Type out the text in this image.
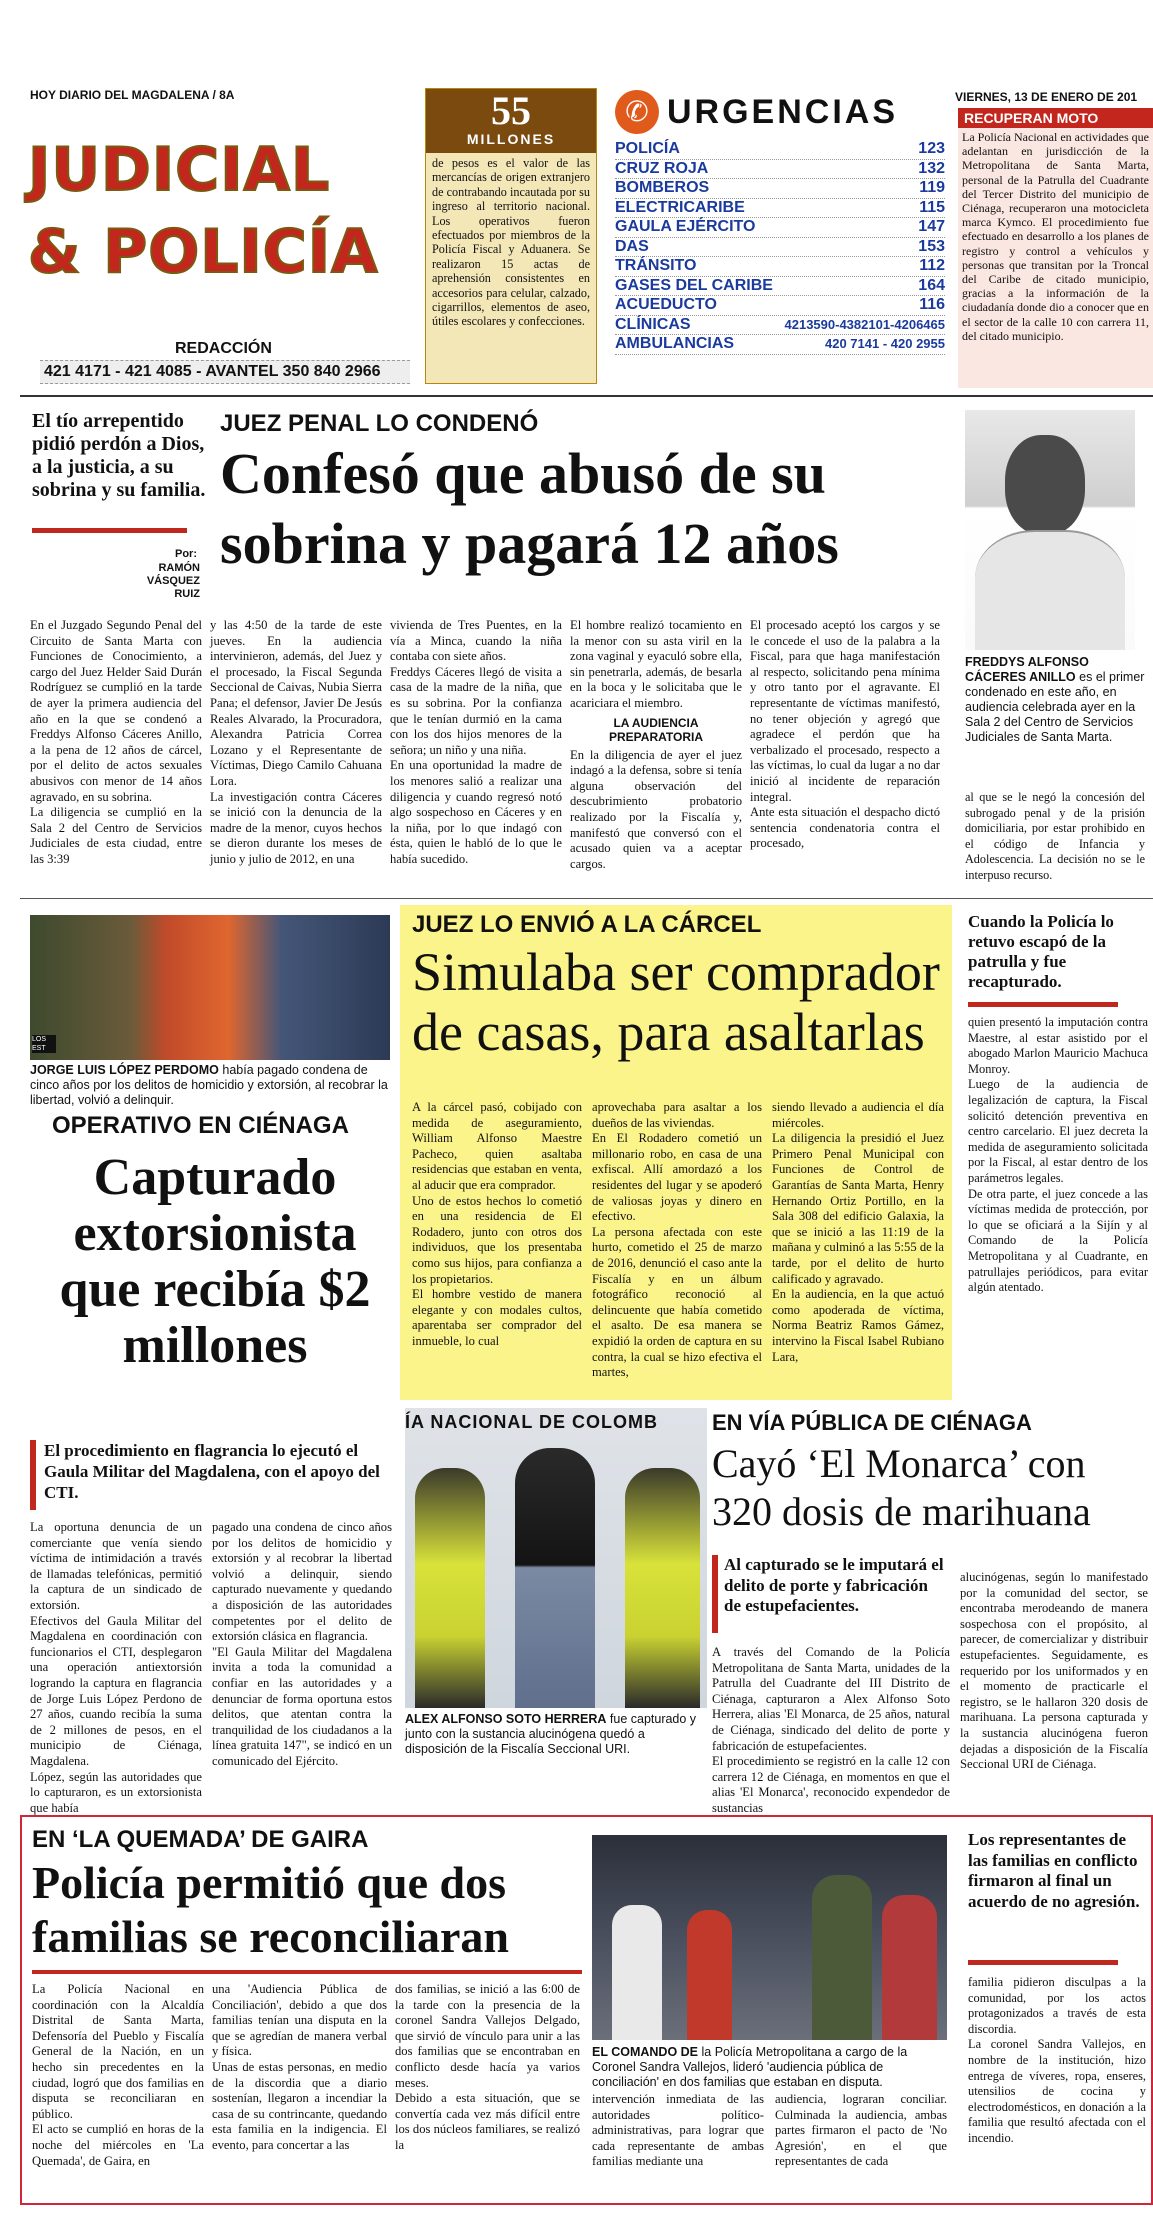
HOY DIARIO DEL MAGDALENA / 8A	VIERNES, 13 DE ENERO DE 201
JUDICIAL
& POLICÍA
REDACCIÓN
421 4171 - 421 4085 - AVANTEL 350 840 2966
55
MILLONES
de pesos es el valor de las mercancías de origen extranjero de contrabando incautada por su ingreso al territorio nacional. Los operativos fueron efectuados por miembros de la Policía Fiscal y Aduanera. Se realizaron 15 actas de aprehensión consistentes en accesorios para celular, calzado, cigarrillos, elementos de aseo, útiles escolares y confecciones.
✆ URGENCIAS
POLICÍA	123
CRUZ ROJA	132
BOMBEROS	119
ELECTRICARIBE	115
GAULA EJÉRCITO	147
DAS	153
TRÁNSITO	112
GASES DEL CARIBE	164
ACUEDUCTO	116
CLÍNICAS	4213590-4382101-4206465
AMBULANCIAS	420 7141 - 420 2955
RECUPERAN MOTO
La Policía Nacional en actividades que adelantan en jurisdicción de la Metropolitana de Santa Marta, personal de la Patrulla del Cuadrante del Tercer Distrito del municipio de Ciénaga, recuperaron una motocicleta marca Kymco. El procedimiento fue efectuado en desarrollo a los planes de registro y control a vehículos y personas que transitan por la Troncal del Caribe de citado municipio, gracias a la información de la ciudadanía donde dio a conocer que en el sector de la calle 10 con carrera 11, del citado municipio.
El tío arrepentido pidió perdón a Dios, a la justicia, a su sobrina y su familia.
Por:
RAMÓN VÁSQUEZ RUIZ
JUEZ PENAL LO CONDENÓ
Confesó que abusó de su
sobrina y pagará 12 años
En el Juzgado Segundo Penal del Circuito de Santa Marta con Funciones de Conocimiento, a cargo del Juez Helder Said Durán Rodríguez se cumplió en la tarde de ayer la primera audiencia del año en la que se condenó a Freddys Alfonso Cáceres Anillo, a la pena de 12 años de cárcel, por el delito de actos sexuales abusivos con menor de 14 años agravado, en su sobrina.
La diligencia se cumplió en la Sala 2 del Centro de Servicios Judiciales de esta ciudad, entre las 3:39
y las 4:50 de la tarde de este jueves. En la audiencia intervinieron, además, del Juez y el procesado, la Fiscal Segunda Seccional de Caivas, Nubia Sierra Pana; el defensor, Javier De Jesús Reales Alvarado, la Procuradora, Alexandra Patricia Correa Lozano y el Representante de Víctimas, Diego Camilo Cahuana Lora.
La investigación contra Cáceres se inició con la denuncia de la madre de la menor, cuyos hechos se dieron durante los meses de junio y julio de 2012, en una
vivienda de Tres Puentes, en la vía a Minca, cuando la niña contaba con siete años.
Freddys Cáceres llegó de visita a casa de la madre de la niña, que es su sobrina. Por la confianza que le tenían durmió en la cama con los dos hijos menores de la señora; un niño y una niña.
En una oportunidad la madre de los menores salió a realizar una diligencia y cuando regresó notó algo sospechoso en Cáceres y en la niña, por lo que indagó con ésta, quien le habló de lo que le había sucedido.
El hombre realizó tocamiento en la menor con su asta viril en la zona vaginal y eyaculó sobre ella, sin penetrarla, además, de besarla en la boca y le solicitaba que le acariciara el miembro.
LA AUDIENCIA PREPARATORIA
En la diligencia de ayer el juez indagó a la defensa, sobre si tenía alguna observación del descubrimiento probatorio realizado por la Fiscalía y, manifestó que conversó con el acusado quien va a aceptar cargos.
El procesado aceptó los cargos y se le concede el uso de la palabra a la Fiscal, para que haga manifestación al respecto, solicitando pena mínima y otro tanto por el agravante. El representante de víctimas manifestó, no tener objeción y agregó que agradece el perdón que ha verbalizado el procesado, respecto a las víctimas, lo cual da lugar a no dar inició al incidente de reparación integral.
Ante esta situación el despacho dictó sentencia condenatoria contra el procesado,
FREDDYS ALFONSO CÁCERES ANILLO es el primer condenado en este año, en audiencia celebrada ayer en la Sala 2 del Centro de Servicios Judiciales de Santa Marta.
al que se le negó la concesión del subrogado penal y de la prisión domiciliaria, por estar prohibido en el código de Infancia y Adolescencia. La decisión no se le interpuso recurso.
LOS EST
JORGE LUIS LÓPEZ PERDOMO había pagado condena de cinco años por los delitos de homicidio y extorsión, al recobrar la libertad, volvió a delinquir.
OPERATIVO EN CIÉNAGA
Capturado extorsionista que recibía $2 millones
El procedimiento en flagrancia lo ejecutó el Gaula Militar del Magdalena, con el apoyo del CTI.
La oportuna denuncia de un comerciante que venía siendo víctima de intimidación a través de llamadas telefónicas, permitió la captura de un sindicado de extorsión.
Efectivos del Gaula Militar del Magdalena en coordinación con funcionarios el CTI, desplegaron una operación antiextorsión logrando la captura en flagrancia de Jorge Luis López Perdono de 27 años, cuando recibía la suma de 2 millones de pesos, en el municipio de Ciénaga, Magdalena.
López, según las autoridades que lo capturaron, es un extorsionista que había
pagado una condena de cinco años por los delitos de homicidio y extorsión y al recobrar la libertad volvió a delinquir, siendo capturado nuevamente y quedando a disposición de las autoridades competentes por el delito de extorsión clásica en flagrancia.
"El Gaula Militar del Magdalena invita a toda la comunidad a confiar en las autoridades y a denunciar de forma oportuna estos delitos, que atentan contra la tranquilidad de los ciudadanos a la línea gratuita 147", se indicó en un comunicado del Ejército.
JUEZ LO ENVIÓ A LA CÁRCEL
Simulaba ser comprador
de casas, para asaltarlas
A la cárcel pasó, cobijado con medida de aseguramiento, William Alfonso Maestre Pacheco, quien asaltaba residencias que estaban en venta, al aducir que era comprador.
Uno de estos hechos lo cometió en una residencia de El Rodadero, junto con otros dos individuos, que los presentaba como sus hijos, para confianza a los propietarios.
El hombre vestido de manera elegante y con modales cultos, aparentaba ser comprador del inmueble, lo cual
aprovechaba para asaltar a los dueños de las viviendas.
En El Rodadero cometió un millonario robo, en casa de una exfiscal. Allí amordazó a los residentes del lugar y se apoderó de valiosas joyas y dinero en efectivo.
La persona afectada con este hurto, cometido el 25 de marzo de 2016, denunció el caso ante la Fiscalía y en un álbum fotográfico reconoció al delincuente que había cometido el asalto. De esa manera se expidió la orden de captura en su contra, la cual se hizo efectiva el martes,
siendo llevado a audiencia el día miércoles.
La diligencia la presidió el Juez Primero Penal Municipal con Funciones de Control de Garantías de Santa Marta, Henry Hernando Ortiz Portillo, en la Sala 308 del edificio Galaxia, la que se inició a las 11:19 de la mañana y culminó a las 5:55 de la tarde, por el delito de hurto calificado y agravado.
En la audiencia, en la que actuó como apoderada de víctima, Norma Beatriz Ramos Gámez, intervino la Fiscal Isabel Rubiano Lara,
Cuando la Policía lo retuvo escapó de la patrulla y fue recapturado.
quien presentó la imputación contra Maestre, al estar asistido por el abogado Marlon Mauricio Machuca Monroy.
Luego de la audiencia de legalización de captura, la Fiscal solicitó detención preventiva en centro carcelario. El juez decreta la medida de aseguramiento solicitada por la Fiscal, al estar dentro de los parámetros legales.
De otra parte, el juez concede a las víctimas medida de protección, por lo que se oficiará a la Sijín y al Comando de la Policía Metropolitana y al Cuadrante, en patrullajes periódicos, para evitar algún atentado.
ÍA NACIONAL DE COLOMB
ALEX ALFONSO SOTO HERRERA fue capturado y junto con la sustancia alucinógena quedó a disposición de la Fiscalía Seccional URI.
EN VÍA PÚBLICA DE CIÉNAGA
Cayó ‘El Monarca’ con
320 dosis de marihuana
Al capturado se le imputará el delito de porte y fabricación de estupefacientes.
A través del Comando de la Policía Metropolitana de Santa Marta, unidades de la Patrulla del Cuadrante del III Distrito de Ciénaga, capturaron a Alex Alfonso Soto Herrera, alias 'El Monarca, de 25 años, natural de Ciénaga, sindicado del delito de porte y fabricación de estupefacientes.
El procedimiento se registró en la calle 12 con carrera 12 de Ciénaga, en momentos en que el alias 'El Monarca', reconocido expendedor de sustancias
alucinógenas, según lo manifestado por la comunidad del sector, se encontraba merodeando de manera sospechosa con el propósito, al parecer, de comercializar y distribuir estupefacientes. Seguidamente, es requerido por los uniformados y en el momento de practicarle el registro, se le hallaron 320 dosis de marihuana. La persona capturada y la sustancia alucinógena fueron dejadas a disposición de la Fiscalía Seccional URI de Ciénaga.
EN ‘LA QUEMADA’ DE GAIRA
Policía permitió que dos
familias se reconciliaran
La Policía Nacional en coordinación con la Alcaldía Distrital de Santa Marta, Defensoría del Pueblo y Fiscalía General de la Nación, en un hecho sin precedentes en la ciudad, logró que dos familias en disputa se reconciliaran en público.
El acto se cumplió en horas de la noche del miércoles en 'La Quemada', de Gaira, en
una 'Audiencia Pública de Conciliación', debido a que dos familias tenían una disputa en la que se agredían de manera verbal y física.
Unas de estas personas, en medio de la discordia que a diario sostenían, llegaron a incendiar la casa de su contrincante, quedando esta familia en la indigencia. El evento, para concertar a las
dos familias, se inició a las 6:00 de la tarde con la presencia de la coronel Sandra Vallejos Delgado, que sirvió de vínculo para unir a las dos familias que se encontraban en conflicto desde hacía ya varios meses.
Debido a esta situación, que se convertía cada vez más difícil entre los dos núcleos familiares, se realizó la
EL COMANDO DE la Policía Metropolitana a cargo de la Coronel Sandra Vallejos, lideró 'audiencia pública de conciliación' en dos familias que estaban en disputa.
intervención inmediata de las autoridades político-administrativas, para lograr que cada representante de ambas familias mediante una
audiencia, lograran conciliar. Culminada la audiencia, ambas partes firmaron el pacto de 'No Agresión', en el que representantes de cada
Los representantes de las familias en conflicto firmaron al final un acuerdo de no agresión.
familia pidieron disculpas a la comunidad, por los actos protagonizados a través de esta discordia.
La coronel Sandra Vallejos, en nombre de la institución, hizo entrega de víveres, ropa, enseres, utensilios de cocina y electrodomésticos, en donación a la familia que resultó afectada con el incendio.
